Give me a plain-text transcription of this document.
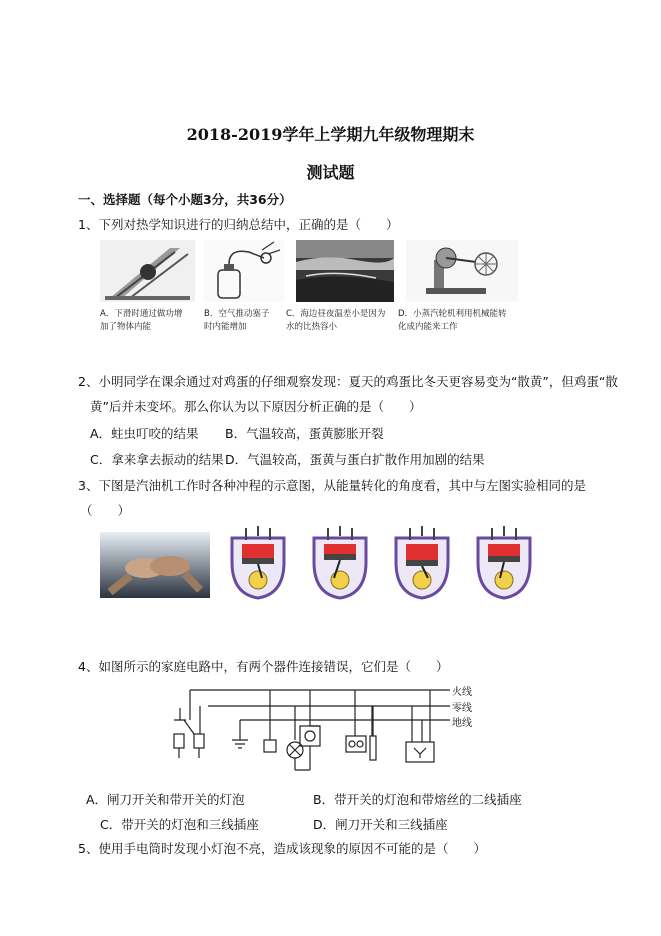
2018-2019学年上学期九年级物理期末
测试题
一、选择题（每个小题3分，共36分）
1、下列对热学知识进行的归纳总结中，正确的是（　　）
A．下滑时通过做功增
加了物体内能
B．空气推动塞子
时内能增加
C．海边昼夜温差小是因为
水的比热容小
D．小蒸汽轮机利用机械能转
化成内能来工作
2、小明同学在课余通过对鸡蛋的仔细观察发现：夏天的鸡蛋比冬天更容易变为“散黄”，但鸡蛋“散
黄”后并未变坏。那么你认为以下原因分析正确的是（　　）
A．蛀虫叮咬的结果 B．气温较高，蛋黄膨胀开裂
C．拿来拿去振动的结果 D．气温较高，蛋黄与蛋白扩散作用加剧的结果
3、下图是汽油机工作时各种冲程的示意图，从能量转化的角度看，其中与左图实验相同的是
（　　）
4、如图所示的家庭电路中，有两个器件连接错误，它们是（　　）
火线
零线
地线
A．闸刀开关和带开关的灯泡	B．带开关的灯泡和带熔丝的二线插座
C．带开关的灯泡和三线插座	D．闸刀开关和三线插座
5、使用手电筒时发现小灯泡不亮，造成该现象的原因不可能的是（　　）
